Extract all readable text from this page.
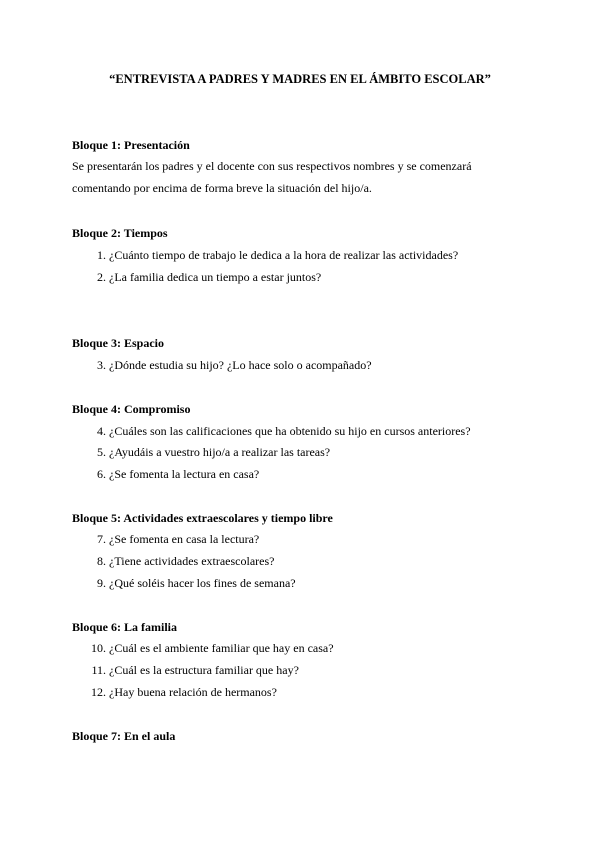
“ENTREVISTA A PADRES Y MADRES EN EL ÁMBITO ESCOLAR”
Bloque 1: Presentación
Se presentarán los padres y el docente con sus respectivos nombres y se comenzará comentando por encima de forma breve la situación del hijo/a.
Bloque 2: Tiempos
1. ¿Cuánto tiempo de trabajo le dedica a la hora de realizar las actividades?
2. ¿La familia dedica un tiempo a estar juntos?
Bloque 3: Espacio
3. ¿Dónde estudia su hijo? ¿Lo hace solo o acompañado?
Bloque 4: Compromiso
4. ¿Cuáles son las calificaciones que ha obtenido su hijo en cursos anteriores?
5. ¿Ayudáis a vuestro hijo/a a realizar las tareas?
6. ¿Se fomenta la lectura en casa?
Bloque 5: Actividades extraescolares y tiempo libre
7. ¿Se fomenta en casa la lectura?
8. ¿Tiene actividades extraescolares?
9. ¿Qué soléis hacer los fines de semana?
Bloque 6: La familia
10. ¿Cuál es el ambiente familiar que hay en casa?
11. ¿Cuál es la estructura familiar que hay?
12. ¿Hay buena relación de hermanos?
Bloque 7: En el aula
